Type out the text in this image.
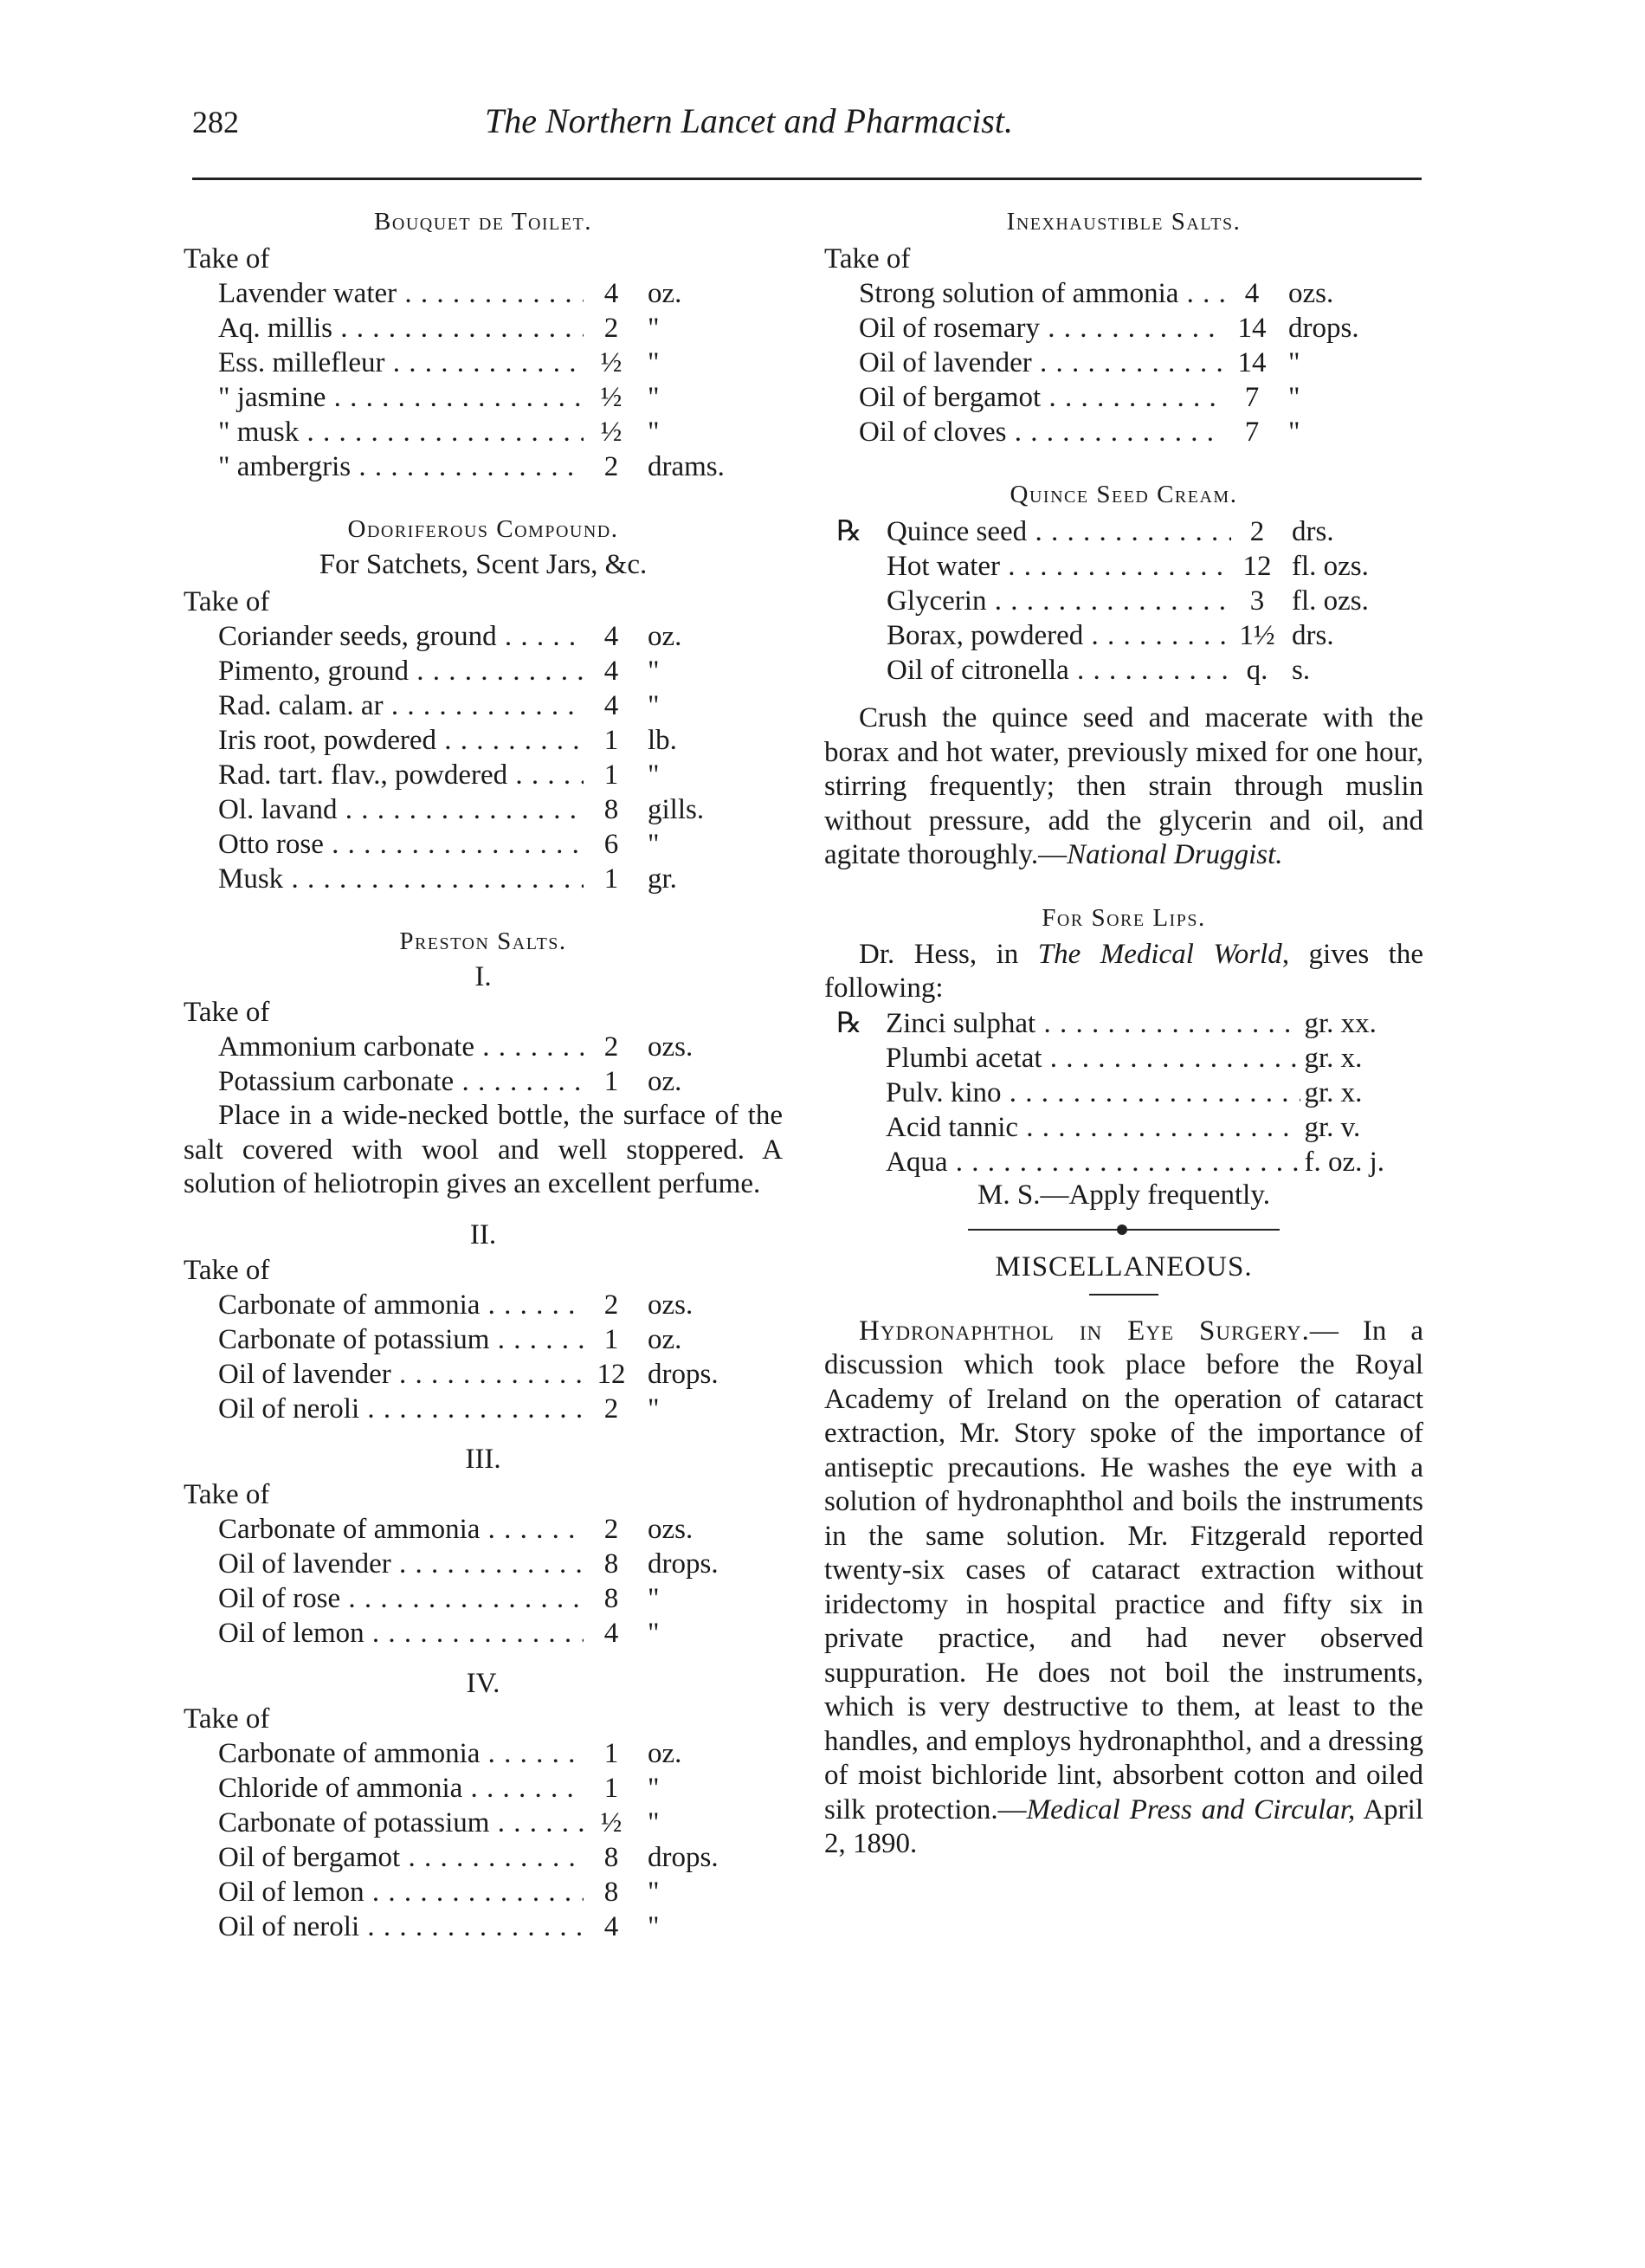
282	The Northern Lancet and Pharmacist.
Bouquet de Toilet.
Take of
Lavender water . . .	4	oz.
Aq. millis . . .	2	"
Ess. millefleur . . .	½ "
" jasmine . . .	½ "
" musk . . .	½ "
" ambergris . . .	2	drams.
Odoriferous Compound.
For Satchets, Scent Jars, &c.
Take of
Coriander seeds, ground . . .	4	oz.
Pimento, ground . . .	4	"
Rad. calam. ar . . .	4	"
Iris root, powdered . . .	1	lb.
Rad. tart. flav., powdered . . .	1	"
Ol. lavand . . .	8	gills.
Otto rose . . .	6	"
Musk . . .	1	gr.
Preston Salts.
I.
Take of
Ammonium carbonate . . .	2	ozs.
Potassium carbonate . . .	1	oz.

Place in a wide-necked bottle, the surface of the salt covered with wool and well stoppered. A solution of heliotropin gives an excellent perfume.

II.
Take of
Carbonate of ammonia . . .	2	ozs.
Carbonate of potassium . . .	1	oz.
Oil of lavender . . .	12 drops.
Oil of neroli . . .	2	"
III.
Take of
Carbonate of ammonia . . .	2	ozs.
Oil of lavender . . .	8	drops.
Oil of rose . . .	8	"
Oil of lemon . . .	4	"
IV.
Take of
Carbonate of ammonia . . .	1	oz.
Chloride of ammonia . . .	1	"
Carbonate of potassium . . .	½ "
Oil of bergamot . . .	8	drops.
Oil of lemon . . .	8	"
Oil of neroli . . .	4	"
Inexhaustible Salts.
Take of
Strong solution of ammonia . . .	4	ozs.
Oil of rosemary . . .	14 drops.
Oil of lavender . . .	14 "
Oil of bergamot . . .	7	"
Oil of cloves . . .	7	"
Quince Seed Cream.
℞ Quince seed . . .	2 drs.
Hot water . . .	12 fl. ozs.
Glycerin . . .	3 fl. ozs.
Borax, powdered . . .	1½ drs.
Oil of citronella . . .	q. s.

Crush the quince seed and macerate with the borax and hot water, previously mixed for one hour, stirring frequently; then strain through muslin without pressure, add the glycerin and oil, and agitate thoroughly.—National Druggist.

For Sore Lips.

Dr. Hess, in The Medical World, gives the following:

℞ Zinci sulphat . . .	gr. xx.
Plumbi acetat . . .	gr. x.
Pulv. kino . . .	gr. x.
Acid tannic . . .	gr. v.
Aqua . . .	f. oz. j.
M. S.—Apply frequently.
MISCELLANEOUS.

Hydronaphthol in Eye Surgery.— In a discussion which took place before the Royal Academy of Ireland on the operation of cataract extraction, Mr. Story spoke of the importance of antiseptic precautions. He washes the eye with a solution of hydronaphthol and boils the instruments in the same solution. Mr. Fitzgerald reported twenty-six cases of cataract extraction without iridectomy in hospital practice and fifty six in private practice, and had never observed suppuration. He does not boil the instruments, which is very destructive to them, at least to the handles, and employs hydronaphthol, and a dressing of moist bichloride lint, absorbent cotton and oiled silk protection.—Medical Press and Circular, April 2, 1890.
